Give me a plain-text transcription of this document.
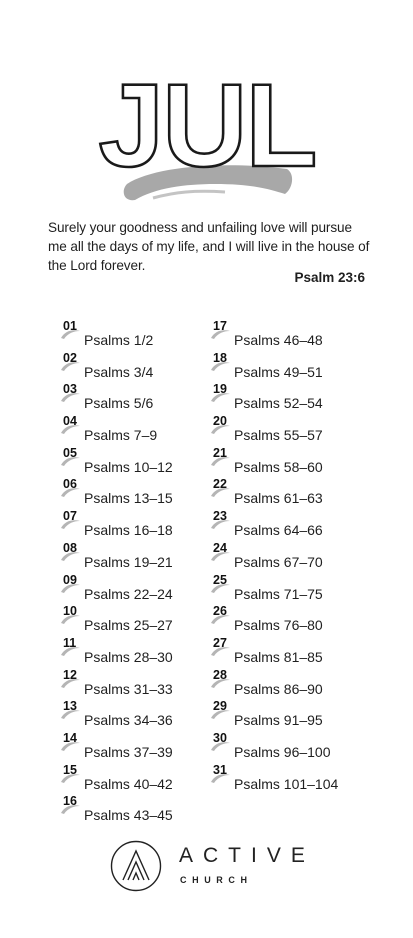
JUL
Surely your goodness and unfailing love will pursue me all the days of my life, and I will live in the house of the Lord forever.
Psalm 23:6
01
Psalms 1/2
02
Psalms 3/4
03
Psalms 5/6
04
Psalms 7–9
05
Psalms 10–12
06
Psalms 13–15
07
Psalms 16–18
08
Psalms 19–21
09
Psalms 22–24
10
Psalms 25–27
11
Psalms 28–30
12
Psalms 31–33
13
Psalms 34–36
14
Psalms 37–39
15
Psalms 40–42
16
Psalms 43–45
17
Psalms 46–48
18
Psalms 49–51
19
Psalms 52–54
20
Psalms 55–57
21
Psalms 58–60
22
Psalms 61–63
23
Psalms 64–66
24
Psalms 67–70
25
Psalms 71–75
26
Psalms 76–80
27
Psalms 81–85
28
Psalms 86–90
29
Psalms 91–95
30
Psalms 96–100
31
Psalms 101–104
ACTIVE
CHURCH
